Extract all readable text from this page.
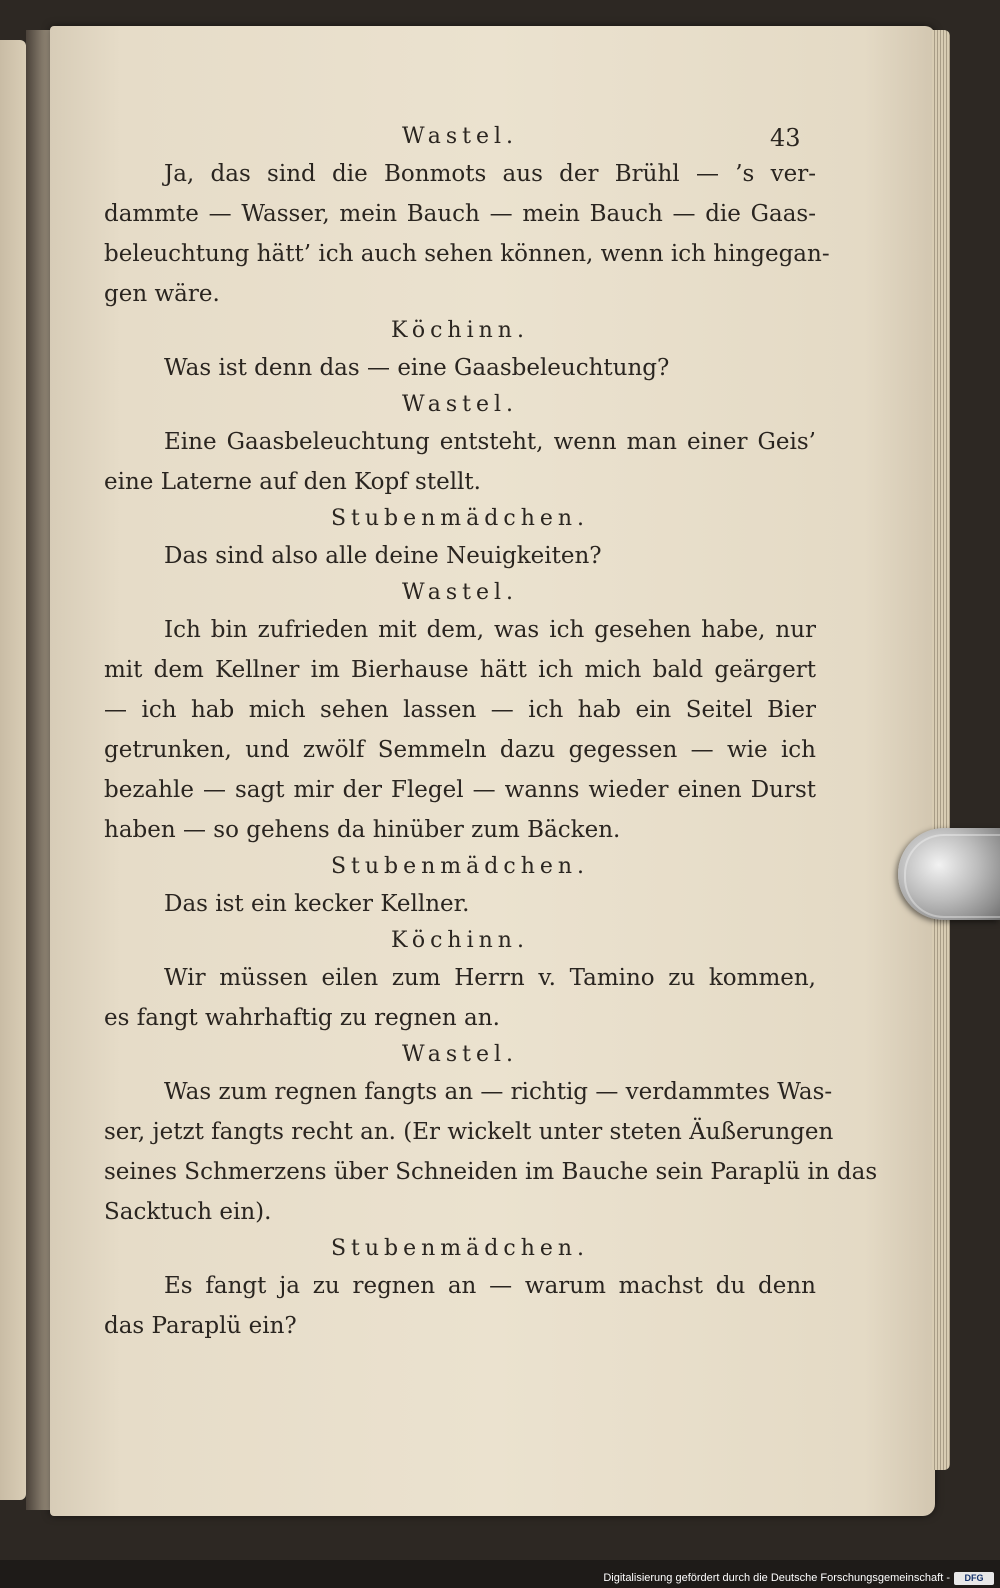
43
Wastel.
Ja, das sind die Bonmots aus der Brühl — ’s ver-
dammte — Wasser, mein Bauch — mein Bauch — die Gaas-
beleuchtung hätt’ ich auch sehen können, wenn ich hingegan-
gen wäre.
Köchinn.
Was ist denn das — eine Gaasbeleuchtung?
Wastel.
Eine Gaasbeleuchtung entsteht, wenn man einer Geis’
eine Laterne auf den Kopf stellt.
Stubenmädchen.
Das sind also alle deine Neuigkeiten?
Wastel.
Ich bin zufrieden mit dem, was ich gesehen habe, nur
mit dem Kellner im Bierhause hätt ich mich bald geärgert
— ich hab mich sehen lassen — ich hab ein Seitel Bier
getrunken, und zwölf Semmeln dazu gegessen — wie ich
bezahle — sagt mir der Flegel — wanns wieder einen Durst
haben — so gehens da hinüber zum Bäcken.
Stubenmädchen.
Das ist ein kecker Kellner.
Köchinn.
Wir müssen eilen zum Herrn v. Tamino zu kommen,
es fangt wahrhaftig zu regnen an.
Wastel.
Was zum regnen fangts an — richtig — verdammtes Was-
ser, jetzt fangts recht an. (Er wickelt unter steten Äußerungen
seines Schmerzens über Schneiden im Bauche sein Paraplü in das
Sacktuch ein).
Stubenmädchen.
Es fangt ja zu regnen an — warum machst du denn
das Paraplü ein?
Digitalisierung gefördert durch die Deutsche Forschungsgemeinschaft -	DFG
